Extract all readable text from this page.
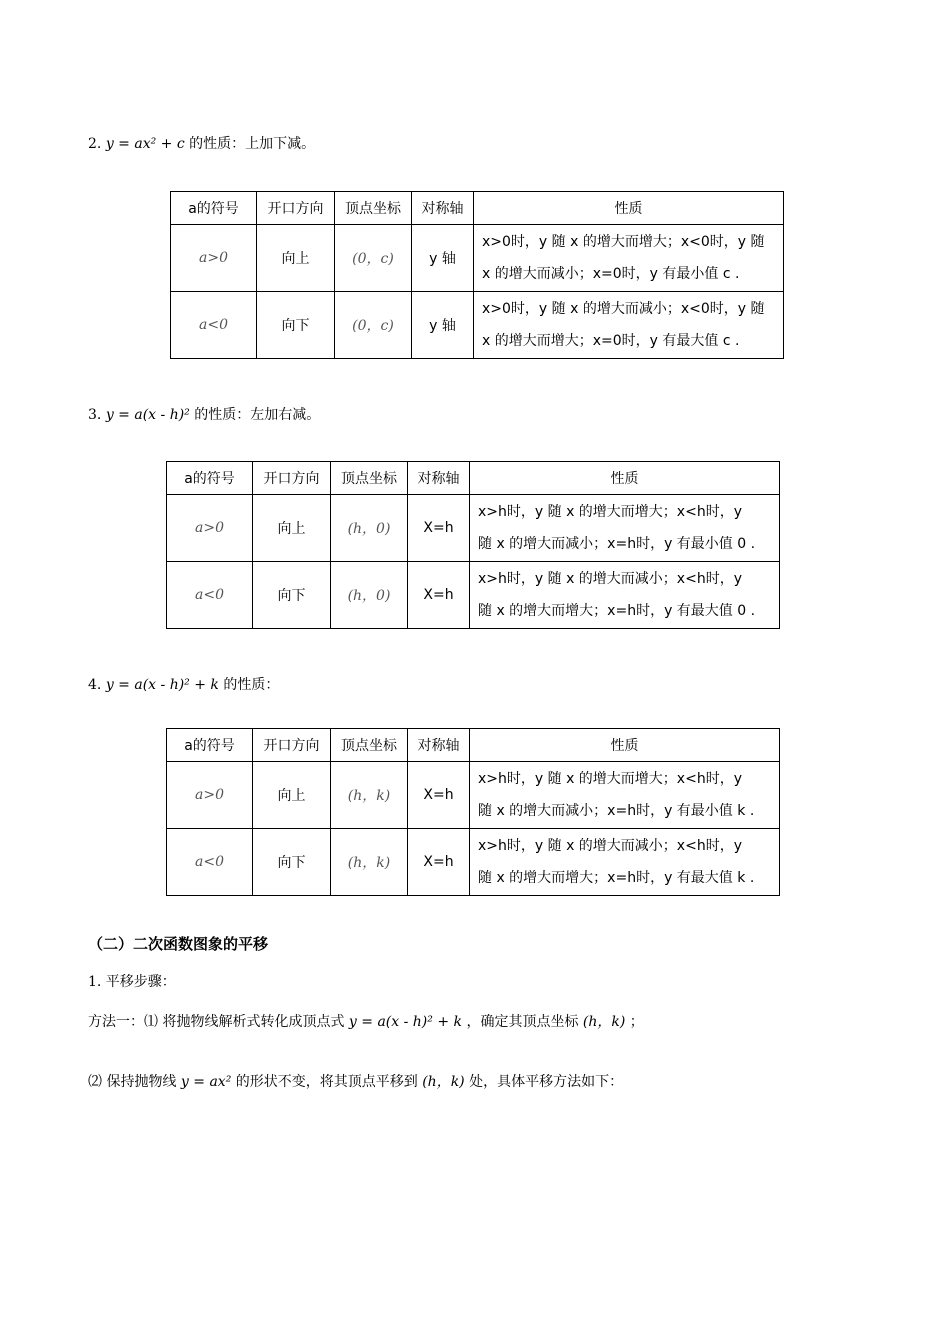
2. y = ax² + c 的性质：上加下减。
a的符号	开口方向	顶点坐标	对称轴	性质
a>0	向上	(0，c)	y 轴	x>0时，y 随 x 的增大而增大；x<0时，y 随
x 的增大而减小；x=0时，y 有最小值 c .

a<0	向下	(0，c)	y 轴	x>0时，y 随 x 的增大而减小；x<0时，y 随
x 的增大而增大；x=0时，y 有最大值 c .
3. y = a(x - h)² 的性质：左加右减。
a的符号	开口方向	顶点坐标	对称轴	性质
a>0	向上	(h，0)	X=h	x>h时，y 随 x 的增大而增大；x<h时，y
随 x 的增大而减小；x=h时，y 有最小值 0 .

a<0	向下	(h，0)	X=h	x>h时，y 随 x 的增大而减小；x<h时，y
随 x 的增大而增大；x=h时，y 有最大值 0 .
4. y = a(x - h)² + k 的性质：
a的符号	开口方向	顶点坐标	对称轴	性质
a>0	向上	(h，k)	X=h	x>h时，y 随 x 的增大而增大；x<h时，y
随 x 的增大而减小；x=h时，y 有最小值 k .

a<0	向下	(h，k)	X=h	x>h时，y 随 x 的增大而减小；x<h时，y
随 x 的增大而增大；x=h时，y 有最大值 k .
（二）二次函数图象的平移
1. 平移步骤：
方法一：⑴ 将抛物线解析式转化成顶点式 y = a(x - h)² + k ，确定其顶点坐标 (h，k) ；
⑵ 保持抛物线 y = ax² 的形状不变，将其顶点平移到 (h，k) 处，具体平移方法如下：
